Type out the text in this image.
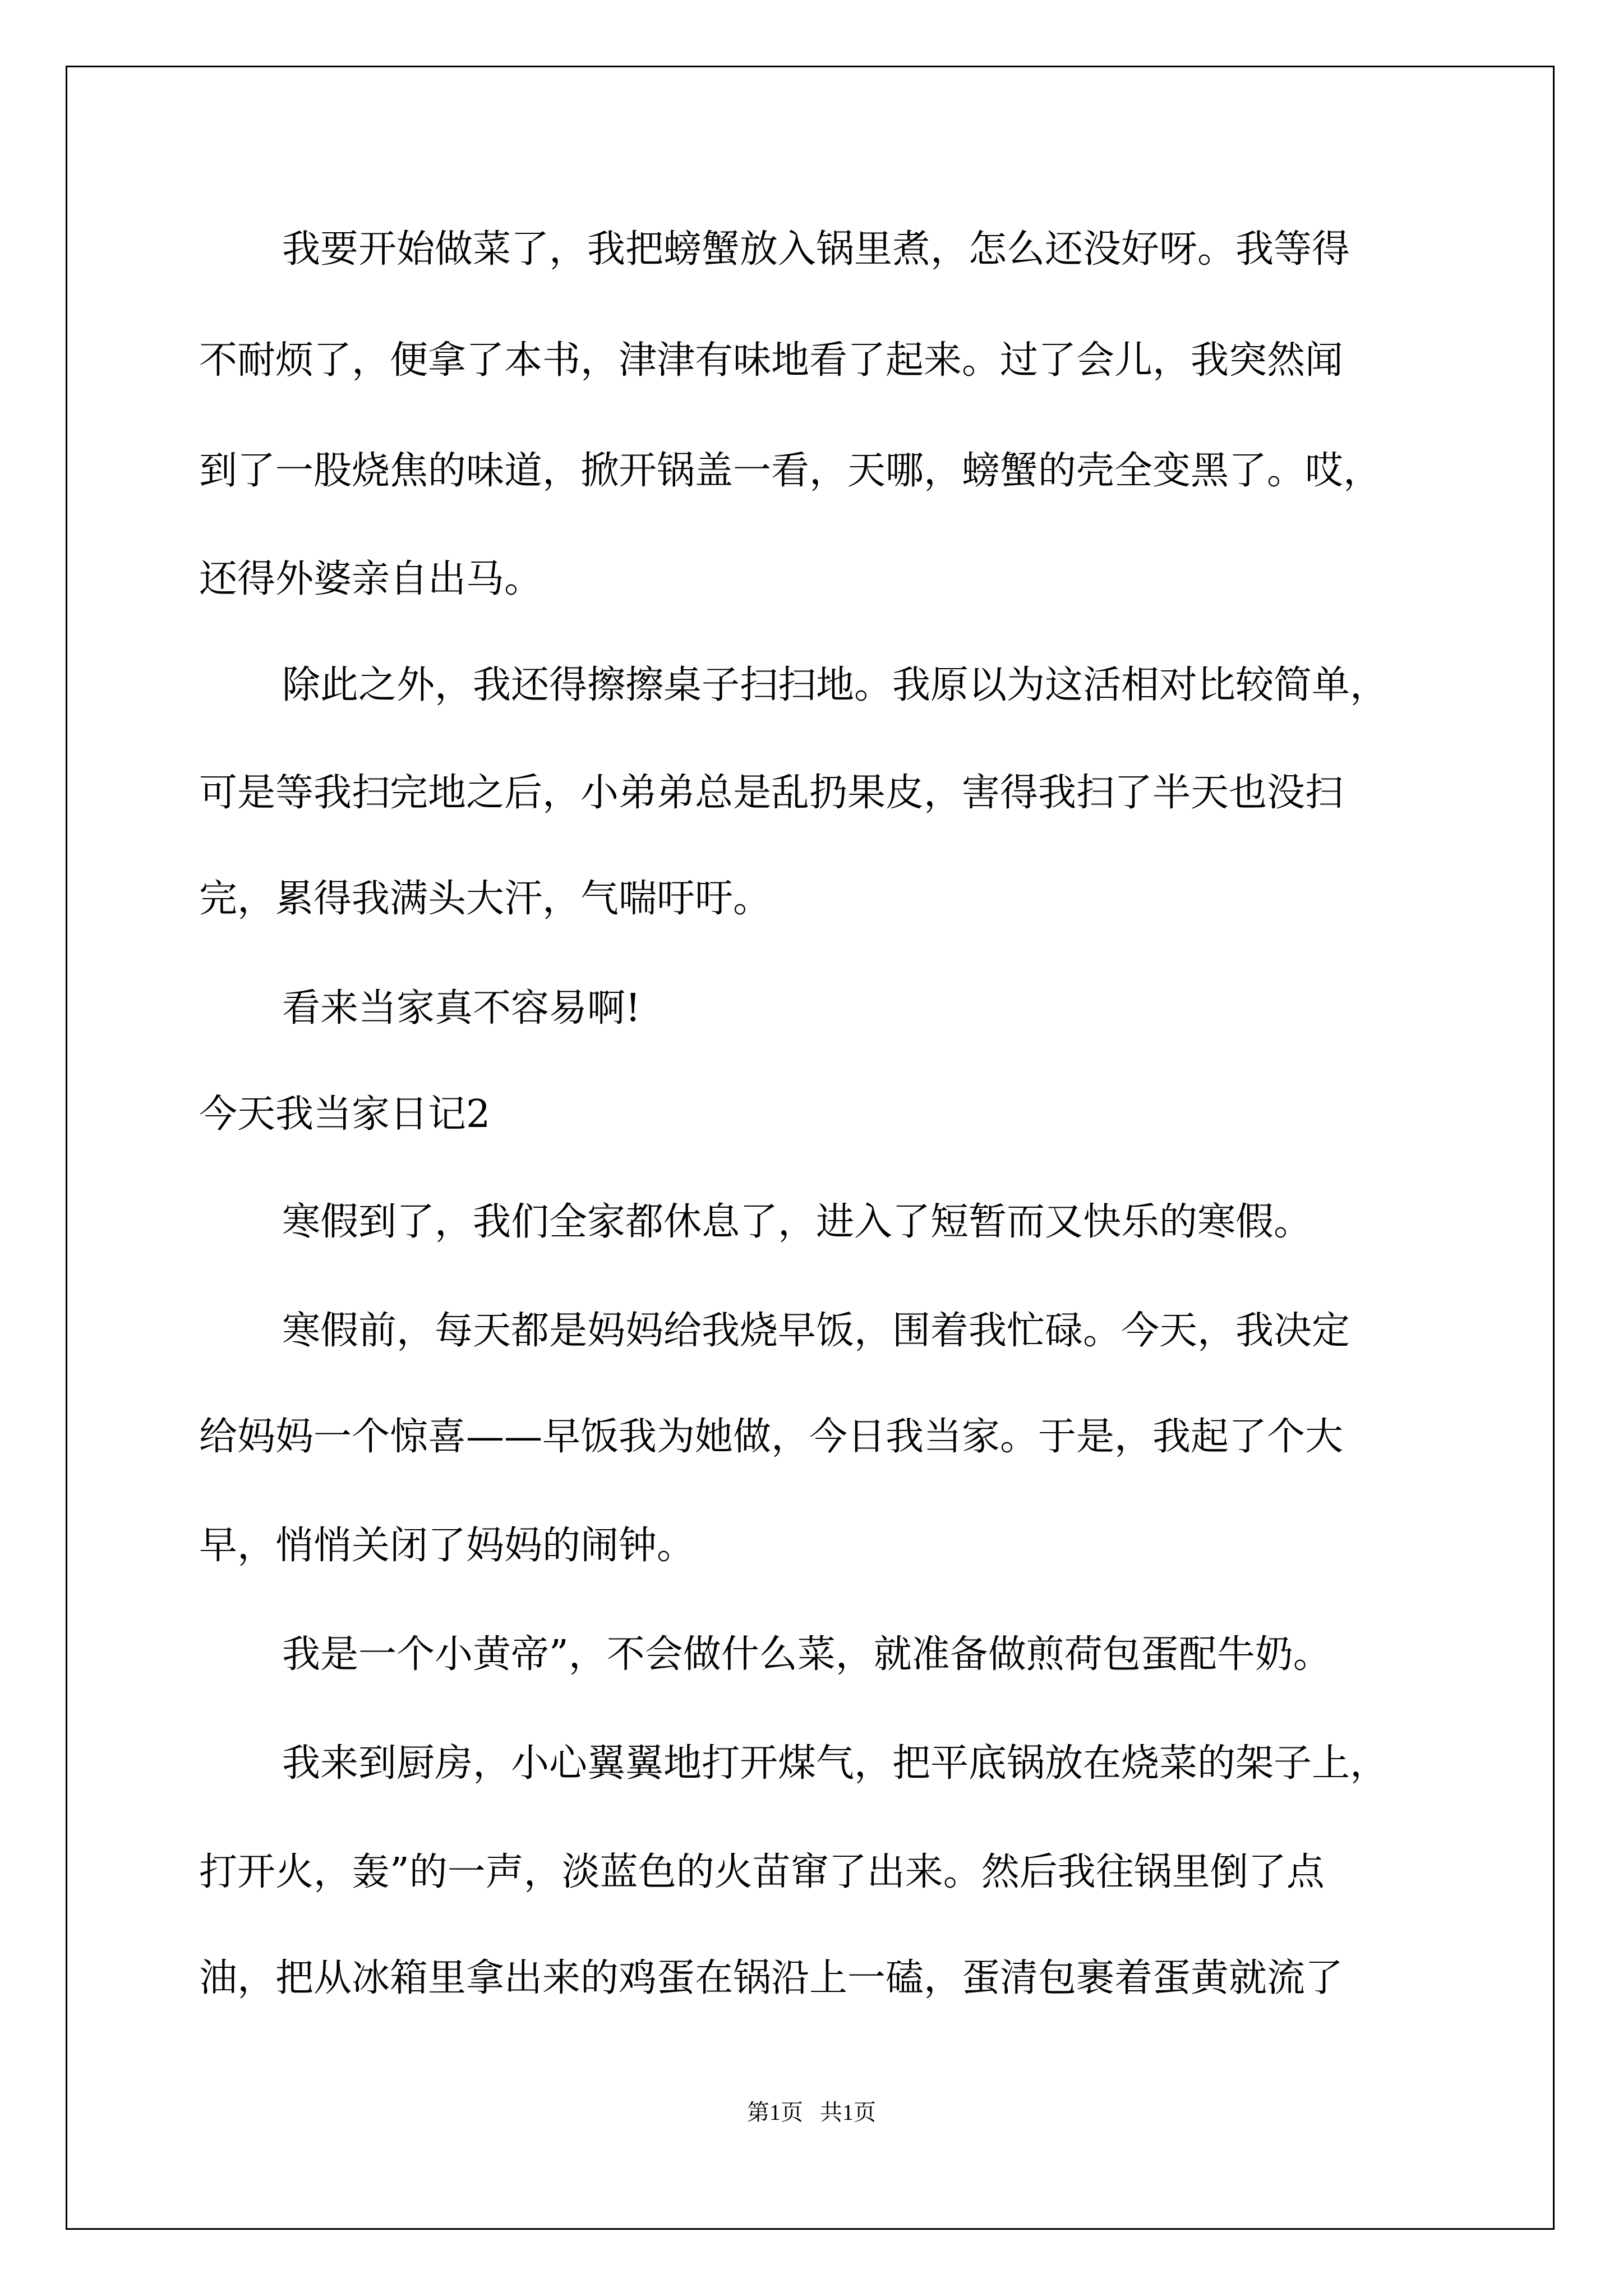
我要开始做菜了，我把螃蟹放入锅里煮，怎么还没好呀。我等得

不耐烦了，便拿了本书，津津有味地看了起来。过了会儿，我突然闻

到了一股烧焦的味道，掀开锅盖一看，天哪，螃蟹的壳全变黑了。哎，

还得外婆亲自出马。

除此之外，我还得擦擦桌子扫扫地。我原以为这活相对比较简单，

可是等我扫完地之后，小弟弟总是乱扔果皮，害得我扫了半天也没扫

完，累得我满头大汗，气喘吁吁。

看来当家真不容易啊!

今天我当家日记2

寒假到了，我们全家都休息了，进入了短暂而又快乐的寒假。

寒假前，每天都是妈妈给我烧早饭，围着我忙碌。今天，我决定

给妈妈一个惊喜——早饭我为她做，今日我当家。于是，我起了个大

早，悄悄关闭了妈妈的闹钟。

我是一个小黄帝”，不会做什么菜，就准备做煎荷包蛋配牛奶。

我来到厨房，小心翼翼地打开煤气，把平底锅放在烧菜的架子上，

打开火，轰”的一声，淡蓝色的火苗窜了出来。然后我往锅里倒了点

油，把从冰箱里拿出来的鸡蛋在锅沿上一磕，蛋清包裹着蛋黄就流了

第1页   共1页
